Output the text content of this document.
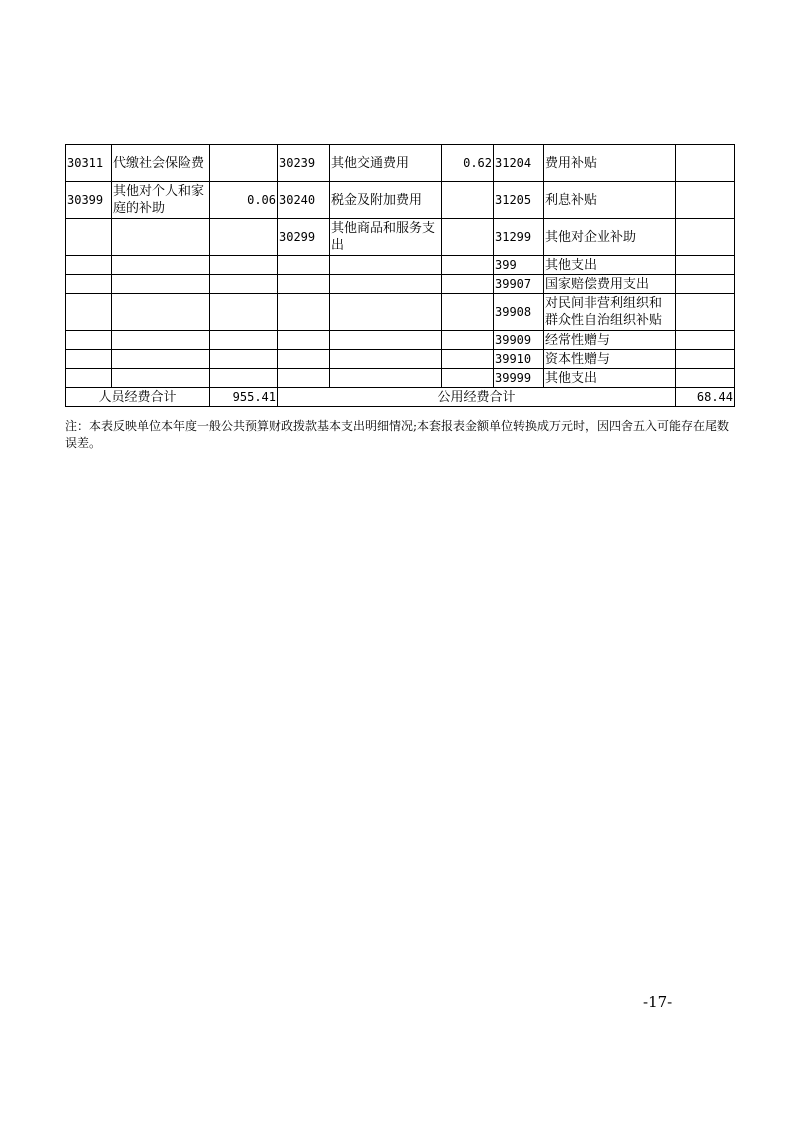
30311	代缴社会保险费		30239	其他交通费用	0.62	31204	费用补贴	
30399	其他对个人和家庭的补助	0.06	30240	税金及附加费用		31205	利息补贴	
			30299	其他商品和服务支出		31299	其他对企业补助	
						399	其他支出	
						39907	国家赔偿费用支出	
						39908	对民间非营利组织和群众性自治组织补贴	
						39909	经常性赠与	
						39910	资本性赠与	
						39999	其他支出	
人员经费合计		955.41	公用经费合计					68.44
注：本表反映单位本年度一般公共预算财政拨款基本支出明细情况;本套报表金额单位转换成万元时，因四舍五入可能存在尾数误差。
-17-
